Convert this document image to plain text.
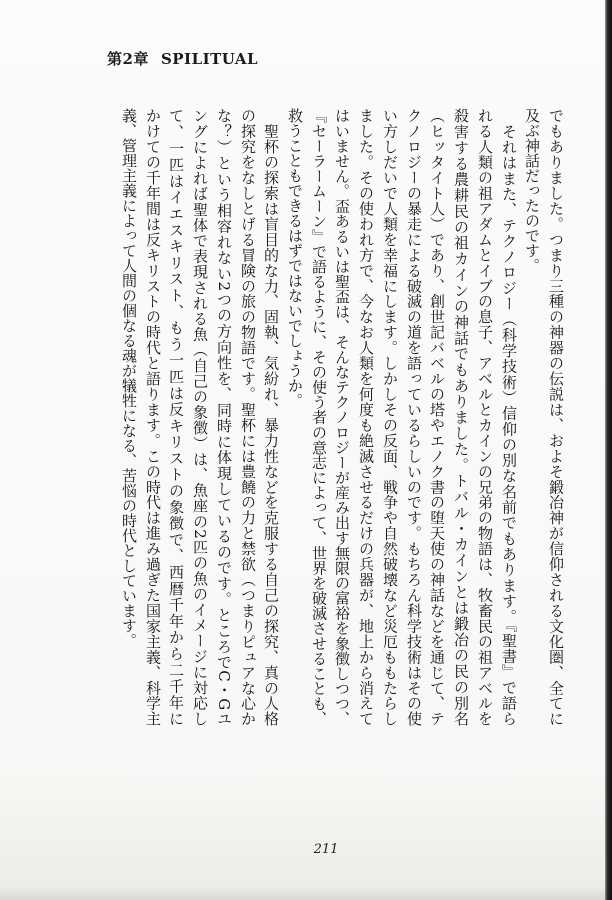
第2章 SPILITUAL
でもありました。つまり三種の神器の伝説は、およそ鍛冶神が信仰される文化圏、全てに
及ぶ神話だったのです。
　それはまた、テクノロジー（科学技術）信仰の別な名前でもあります。『聖書』で語ら
れる人類の祖アダムとイブの息子、アベルとカインの兄弟の物語は、牧畜民の祖アベルを
殺害する農耕民の祖カインの神話でもありました。トバル・カインとは鍛冶の民の別名
（ヒッタイト人）であり、創世記バベルの塔やエノク書の堕天使の神話などを通じて、テ
クノロジーの暴走による破滅の道を語っているらしいのです。もちろん科学技術はその使
い方しだいで人類を幸福にします。しかしその反面、戦争や自然破壊など災厄ももたらし
ました。その使われ方で、今なお人類を何度も絶滅させるだけの兵器が、地上から消えて
はいません。盃あるいは聖盃は、そんなテクノロジーが産み出す無限の富裕を象徴しつつ、
『セーラームーン』で語るように、その使う者の意志によって、世界を破滅させることも、
救うこともできるはずではないでしょうか。
　聖杯の探索は盲目的な力、固執、気紛れ、暴力性などを克服する自己の探究、真の人格
の探究をなしとげる冒険の旅の物語です。聖杯には豊饒の力と禁欲（つまりピュアな心か
な？）という相容れない2つの方向性を、同時に体現しているのです。ところでC・Gユ
ングによれば聖体で表現される魚（自己の象徴）は、魚座の2匹の魚のイメージに対応し
て、一匹はイエスキリスト、もう一匹は反キリストの象徴で、西暦千年から二千年に
かけての千年間は反キリストの時代と語ります。この時代は進み過ぎた国家主義、科学主
義、管理主義によって人間の個なる魂が犠牲になる、苦悩の時代としています。
211
